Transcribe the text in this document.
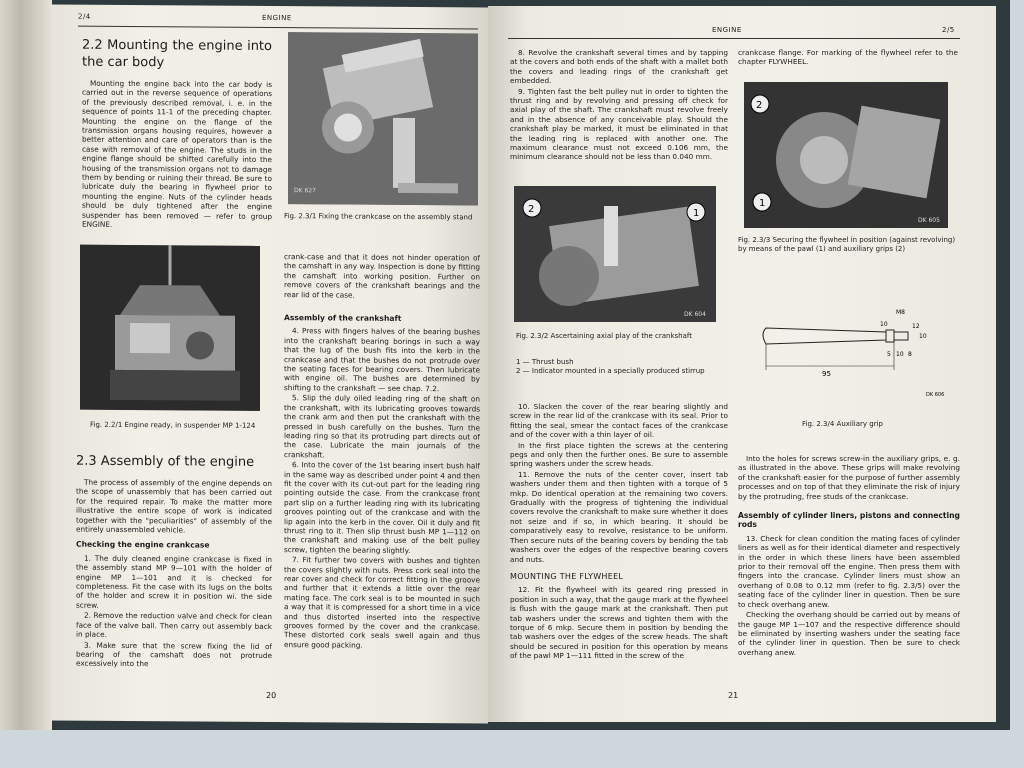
2/4	ENGINE
2.2 Mounting the engine into the car body

Mounting the engine back into the car body is carried out in the reverse sequence of operations of the previously described removal, i. e. in the sequence of points 11-1 of the preceding chapter. Mounting the engine on the flange of the transmission organs housing requires, however a better attention and care of operators than is the case with removal of the engine. The studs in the engine flange should be shifted carefully into the housing of the transmission organs not to damage them by bending or ruining their thread. Be sure to lubricate duly the bearing in flywheel prior to mounting the engine. Nuts of the cylinder heads should be duly tightened after the engine suspender has been removed — refer to group ENGINE.

DK 627
Fig. 2.3/1 Fixing the crankcase on the assembly stand
Fig. 2.2/1 Engine ready, in suspender MP 1-124
2.3 Assembly of the engine

The process of assembly of the engine depends on the scope of unassembly that has been carried out for the required repair. To make the matter more illustrative the entire scope of work is indicated together with the "peculiarities" of assembly of the entirely unassembled vehicle.

Checking the engine crankcase

1. The duly cleaned engine crankcase is fixed in the assembly stand MP 9—101 with the holder of engine MP 1—101 and it is checked for completeness. Fit the case with its lugs on the bolts of the holder and screw it in position wi. the side screw.

2. Remove the reduction valve and check for clean face of the valve ball. Then carry out assembly back in place.

3. Make sure that the screw fixing the lid of bearing of the camshaft does not protrude excessively into the

crank-case and that it does not hinder operation of the camshaft in any way. Inspection is done by fitting the camshaft into working position. Further on remove covers of the crankshaft bearings and the rear lid of the case.

Assembly of the crankshaft

4. Press with fingers halves of the bearing bushes into the crankshaft bearing borings in such a way that the lug of the bush fits into the kerb in the crankcase and that the bushes do not protrude over the seating faces for bearing covers. Then lubricate with engine oil. The bushes are determined by shifting to the crankshaft — see chap. 7.2.

5. Slip the duly oiled leading ring of the shaft on the crankshaft, with its lubricating grooves towards the crank arm and then put the crankshaft with the pressed in bush carefully on the bushes. Turn the leading ring so that its protruding part directs out of the case. Lubricate the main journals of the crankshaft.

6. Into the cover of the 1st bearing insert bush half in the same way as described under point 4 and then fit the cover with its cut-out part for the leading ring pointing outside the case. From the crankcase front part slip on a further leading ring with its lubricating grooves pointing out of the crankcase and with the lip again into the kerb in the cover. Oil it duly and fit thrust ring to it. Then slip thrust bush MP 1—112 on the crankshaft and making use of the belt pulley screw, tighten the bearing slightly.

7. Fit further two covers with bushes and tighten the covers slightly with nuts. Press cork seal into the rear cover and check for correct fitting in the groove and further that it extends a little over the rear mating face. The cork seal is to be mounted in such a way that it is compressed for a short time in a vice and thus distorted inserted into the respective grooves formed by the cover and the crankcase. These distorted cork seals swell again and thus ensure good packing.

20
ENGINE	2/5

8. Revolve the crankshaft several times and by tapping at the covers and both ends of the shaft with a mallet both the covers and leading rings of the crankshaft get embedded.

9. Tighten fast the belt pulley nut in order to tighten the thrust ring and by revolving and pressing off check for axial play of the shaft. The crankshaft must revolve freely and in the absence of any conceivable play. Should the crankshaft play be marked, it must be eliminated in that the leading ring is replaced with another one. The maximum clearance must not exceed 0.106 mm, the minimum clearance should not be less than 0.040 mm.

2	1
DK 604
Fig. 2.3/2 Ascertaining axial play of the crankshaft
1 — Thrust bush
2 — Indicator mounted in a specially produced stirrup

10. Slacken the cover of the rear bearing slightly and screw in the rear lid of the crankcase with its seal. Prior to fitting the seal, smear the contact faces of the crankcase and of the cover with a thin layer of oil.

In the first place tighten the screws at the centering pegs and only then the further ones. Be sure to assemble spring washers under the screw heads.

11. Remove the nuts of the center cover, insert tab washers under them and then tighten with a torque of 5 mkp. Do identical operation at the remaining two covers. Gradually with the progress of tightening the individual covers revolve the crankshaft to make sure whether it does not seize and if so, in which bearing. It should be comparatively easy to revolve, resistance to be uniform. Then secure nuts of the bearing covers by bending the tab washers over the edges of the respective bearing covers and nuts.

MOUNTING THE FLYWHEEL

12. Fit the flywheel with its geared ring pressed in position in such a way, that the gauge mark at the flywheel is flush with the gauge mark at the crankshaft. Then put tab washers under the screws and tighten them with the torque of 6 mkp. Secure them in position by bending the tab washers over the edges of the screw heads. The shaft should be secured in position for this operation by means of the pawl MP 1—111 fitted in the screw of the

crankcase flange. For marking of the flywheel refer to the chapter FLYWHEEL.

2
1
DK 605
Fig. 2.3/3 Securing the flywheel in position (against revolving) by means of the pawl (1) and auxiliary grips (2)
95
5 10 8
10	12
10
M8
DK 606
Fig. 2.3/4 Auxiliary grip

Into the holes for screws screw-in the auxiliary grips, e. g. as illustrated in the above. These grips will make revolving of the crankshaft easier for the purpose of further assembly processes and on top of that they eliminate the risk of injury by the protruding, free studs of the crankcase.

Assembly of cylinder liners, pistons and connecting rods

13. Check for clean condition the mating faces of cylinder liners as well as for their identical diameter and respectively in the order in which these liners have been assembled prior to their removal off the engine. Then press them with fingers into the crancase. Cylinder liners must show an overhang of 0.08 to 0.12 mm (refer to fig. 2.3/5) over the seating face of the cylinder liner in question. Then be sure to check overhang anew.

Checking the overhang should be carried out by means of the gauge MP 1—107 and the respective difference should be eliminated by inserting washers under the seating face of the cylinder liner in question. Then be sure to check overhang anew.

21
